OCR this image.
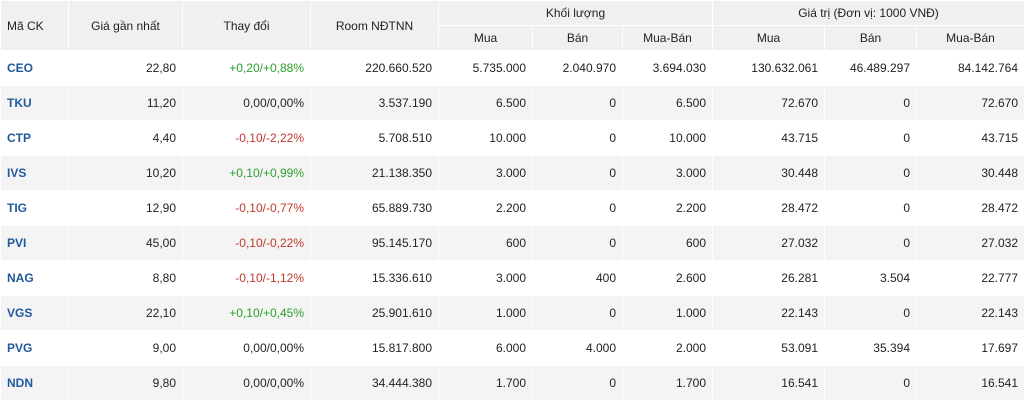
Mã CK	Giá gần nhất	Thay đổi	Room NĐTNN	Khối lượng			Giá trị (Đơn vị: 1000 VNĐ)		
				Mua	Bán	Mua-Bán	Mua	Bán	Mua-Bán
CEO	22,80	+0,20/+0,88%	220.660.520	5.735.000	2.040.970	3.694.030	130.632.061	46.489.297	84.142.764
TKU	11,20	0,00/0,00%	3.537.190	6.500	0	6.500	72.670	0	72.670
CTP	4,40	-0,10/-2,22%	5.708.510	10.000	0	10.000	43.715	0	43.715
IVS	10,20	+0,10/+0,99%	21.138.350	3.000	0	3.000	30.448	0	30.448
TIG	12,90	-0,10/-0,77%	65.889.730	2.200	0	2.200	28.472	0	28.472
PVI	45,00	-0,10/-0,22%	95.145.170	600	0	600	27.032	0	27.032
NAG	8,80	-0,10/-1,12%	15.336.610	3.000	400	2.600	26.281	3.504	22.777
VGS	22,10	+0,10/+0,45%	25.901.610	1.000	0	1.000	22.143	0	22.143
PVG	9,00	0,00/0,00%	15.817.800	6.000	4.000	2.000	53.091	35.394	17.697
NDN	9,80	0,00/0,00%	34.444.380	1.700	0	1.700	16.541	0	16.541
